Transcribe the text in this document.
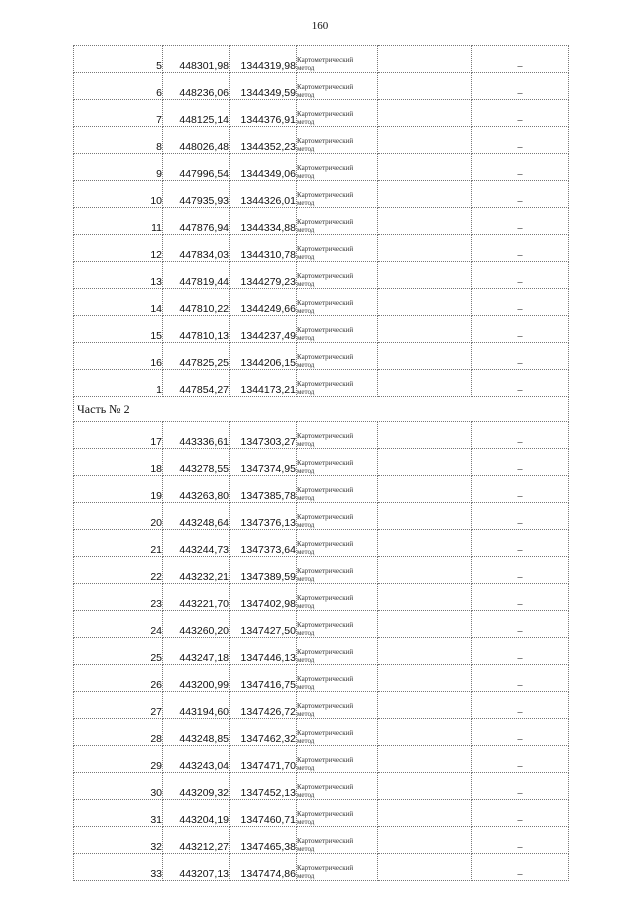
160
5	448301,98	1344319,98	Картометрический
метод		–
6	448236,06	1344349,59	Картометрический
метод		–
7	448125,14	1344376,91	Картометрический
метод		–
8	448026,48	1344352,23	Картометрический
метод		–
9	447996,54	1344349,06	Картометрический
метод		–
10	447935,93	1344326,01	Картометрический
метод		–
11	447876,94	1344334,88	Картометрический
метод		–
12	447834,03	1344310,78	Картометрический
метод		–
13	447819,44	1344279,23	Картометрический
метод		–
14	447810,22	1344249,66	Картометрический
метод		–
15	447810,13	1344237,49	Картометрический
метод		–
16	447825,25	1344206,15	Картометрический
метод		–
1	447854,27	1344173,21	Картометрический
метод		–
Часть № 2					
17	443336,61	1347303,27	Картометрический
метод		–
18	443278,55	1347374,95	Картометрический
метод		–
19	443263,80	1347385,78	Картометрический
метод		–
20	443248,64	1347376,13	Картометрический
метод		–
21	443244,73	1347373,64	Картометрический
метод		–
22	443232,21	1347389,59	Картометрический
метод		–
23	443221,70	1347402,98	Картометрический
метод		–
24	443260,20	1347427,50	Картометрический
метод		–
25	443247,18	1347446,13	Картометрический
метод		–
26	443200,99	1347416,75	Картометрический
метод		–
27	443194,60	1347426,72	Картометрический
метод		–
28	443248,85	1347462,32	Картометрический
метод		–
29	443243,04	1347471,70	Картометрический
метод		–
30	443209,32	1347452,13	Картометрический
метод		–
31	443204,19	1347460,71	Картометрический
метод		–
32	443212,27	1347465,38	Картометрический
метод		–
33	443207,13	1347474,86	Картометрический
метод		–
